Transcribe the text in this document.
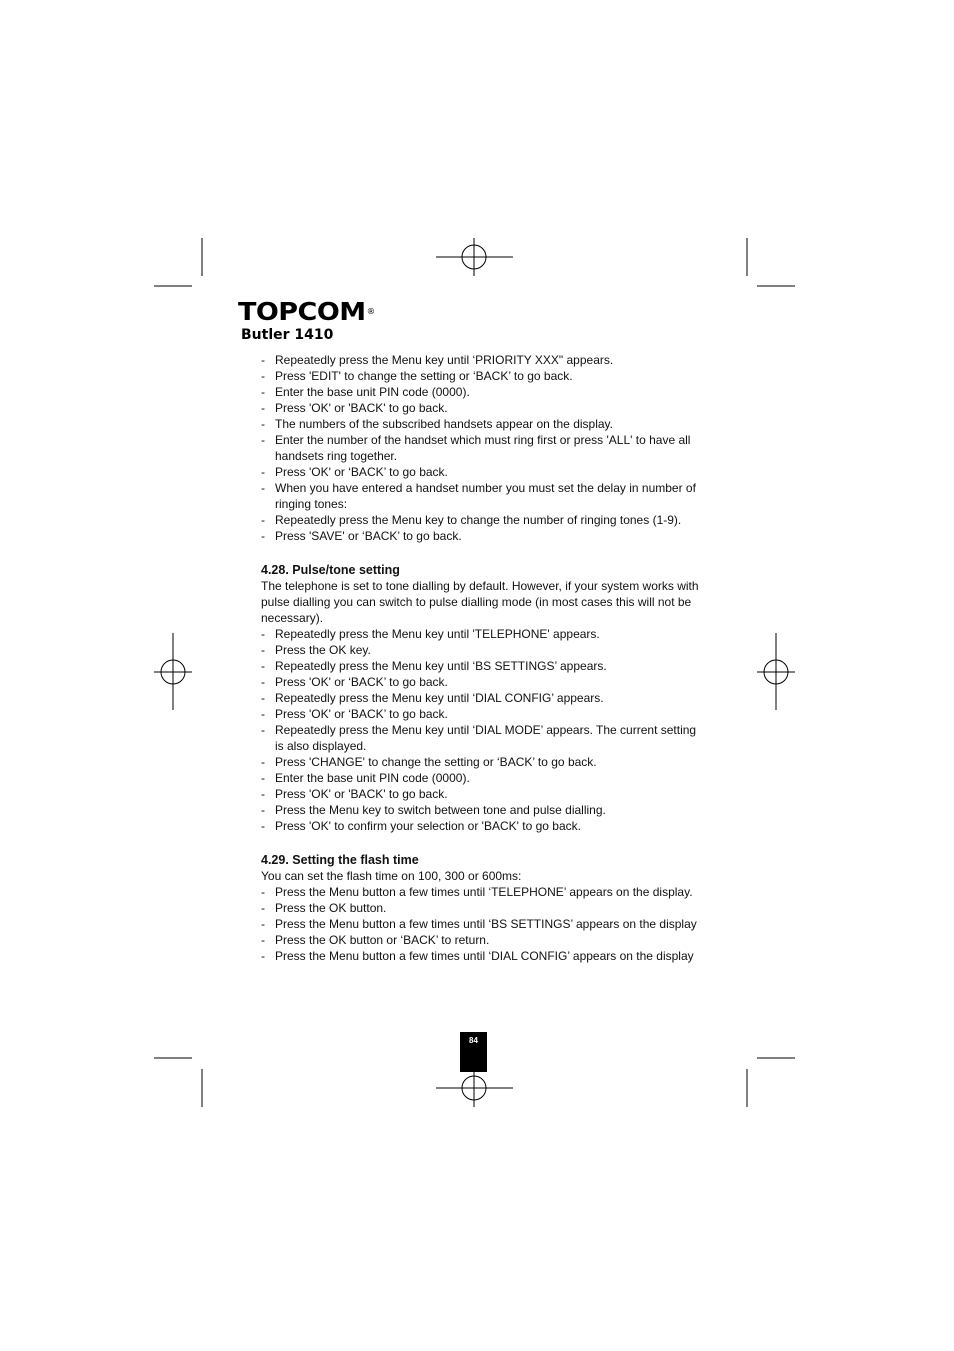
TOPCOM®
Butler 1410
- Repeatedly press the Menu key until ‘PRIORITY XXX" appears.
- Press 'EDIT' to change the setting or ‘BACK’ to go back.
- Enter the base unit PIN code (0000).
- Press 'OK' or 'BACK' to go back.
- The numbers of the subscribed handsets appear on the display.
- Enter the number of the handset which must ring first or press 'ALL' to have all handsets ring together.
- Press 'OK' or ‘BACK’ to go back.
- When you have entered a handset number you must set the delay in number of ringing tones:
- Repeatedly press the Menu key to change the number of ringing tones (1-9).
- Press 'SAVE' or ‘BACK’ to go back.
4.28. Pulse/tone setting

The telephone is set to tone dialling by default. However, if your system works with pulse dialling you can switch to pulse dialling mode (in most cases this will not be necessary).

- Repeatedly press the Menu key until 'TELEPHONE' appears.
- Press the OK key.
- Repeatedly press the Menu key until ‘BS SETTINGS’ appears.
- Press 'OK' or ‘BACK’ to go back.
- Repeatedly press the Menu key until ‘DIAL CONFIG’ appears.
- Press 'OK' or ‘BACK’ to go back.
- Repeatedly press the Menu key until ‘DIAL MODE’ appears. The current setting is also displayed.
- Press 'CHANGE' to change the setting or ‘BACK’ to go back.
- Enter the base unit PIN code (0000).
- Press 'OK' or 'BACK' to go back.
- Press the Menu key to switch between tone and pulse dialling.
- Press 'OK' to confirm your selection or 'BACK' to go back.
4.29. Setting the flash time

You can set the flash time on 100, 300 or 600ms:

- Press the Menu button a few times until ‘TELEPHONE’ appears on the display.
- Press the OK button.
- Press the Menu button a few times until ‘BS SETTINGS’ appears on the display
- Press the OK button or ‘BACK’ to return.
- Press the Menu button a few times until ‘DIAL CONFIG’ appears on the display
84
